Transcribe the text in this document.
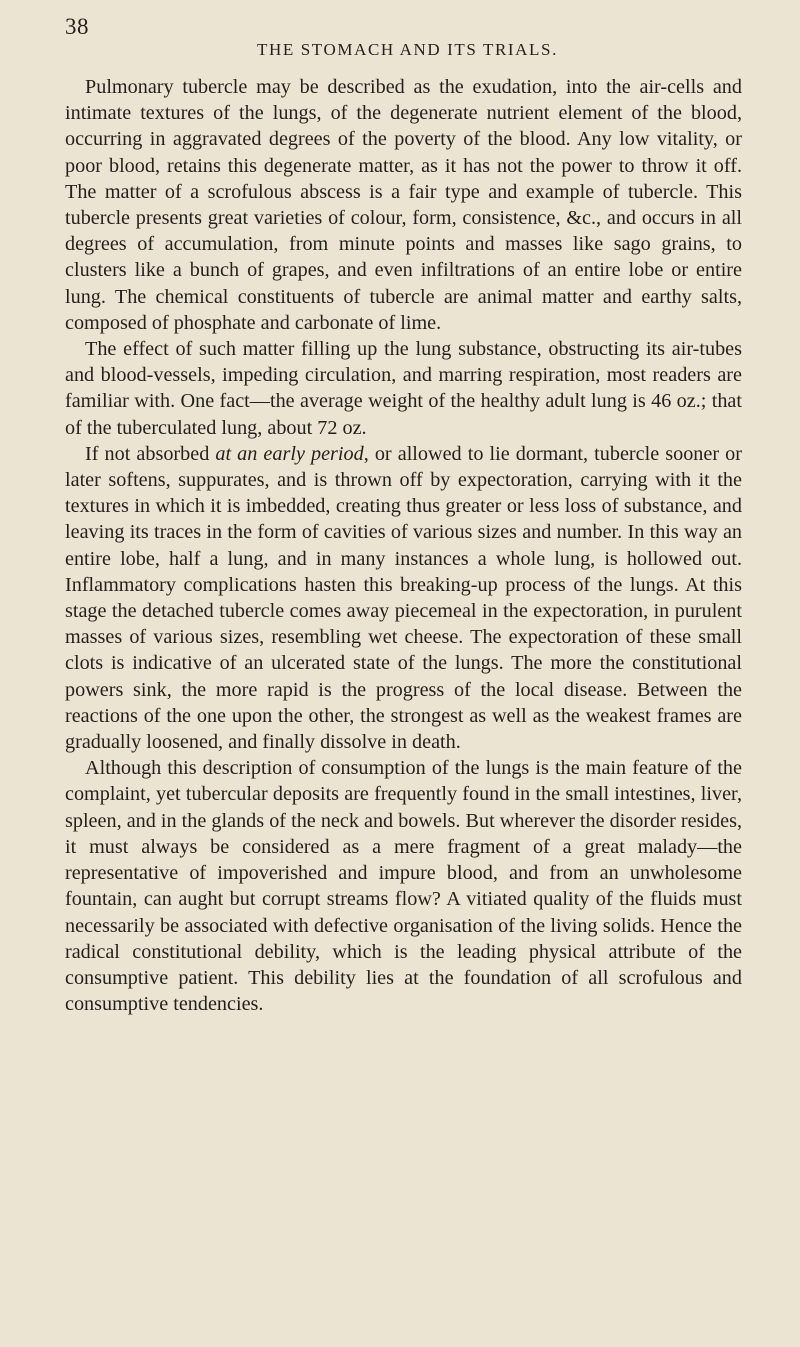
38
THE STOMACH AND ITS TRIALS.

Pulmonary tubercle may be described as the exudation, into the air-cells and intimate textures of the lungs, of the degenerate nutrient element of the blood, occurring in aggravated degrees of the poverty of the blood. Any low vitality, or poor blood, retains this degenerate matter, as it has not the power to throw it off. The matter of a scrofulous abscess is a fair type and example of tubercle. This tubercle presents great varieties of colour, form, consistence, &c., and occurs in all degrees of accumulation, from minute points and masses like sago grains, to clusters like a bunch of grapes, and even infiltrations of an entire lobe or entire lung. The chemical constituents of tubercle are animal matter and earthy salts, composed of phosphate and carbonate of lime.

The effect of such matter filling up the lung substance, obstructing its air-tubes and blood-vessels, impeding circulation, and marring respiration, most readers are familiar with. One fact—the average weight of the healthy adult lung is 46 oz.; that of the tuberculated lung, about 72 oz.

If not absorbed at an early period, or allowed to lie dormant, tubercle sooner or later softens, suppurates, and is thrown off by expectoration, carrying with it the textures in which it is imbedded, creating thus greater or less loss of substance, and leaving its traces in the form of cavities of various sizes and number. In this way an entire lobe, half a lung, and in many instances a whole lung, is hollowed out. Inflammatory complications hasten this breaking-up process of the lungs. At this stage the detached tubercle comes away piecemeal in the expectoration, in purulent masses of various sizes, resembling wet cheese. The expectoration of these small clots is indicative of an ulcerated state of the lungs. The more the constitutional powers sink, the more rapid is the progress of the local disease. Between the reactions of the one upon the other, the strongest as well as the weakest frames are gradually loosened, and finally dissolve in death.

Although this description of consumption of the lungs is the main feature of the complaint, yet tubercular deposits are frequently found in the small intestines, liver, spleen, and in the glands of the neck and bowels. But wherever the disorder resides, it must always be considered as a mere fragment of a great malady—the representative of impoverished and impure blood, and from an unwholesome fountain, can aught but corrupt streams flow? A vitiated quality of the fluids must necessarily be associated with defective organisation of the living solids. Hence the radical constitutional debility, which is the leading physical attribute of the consumptive patient. This debility lies at the foundation of all scrofulous and consumptive tendencies.
